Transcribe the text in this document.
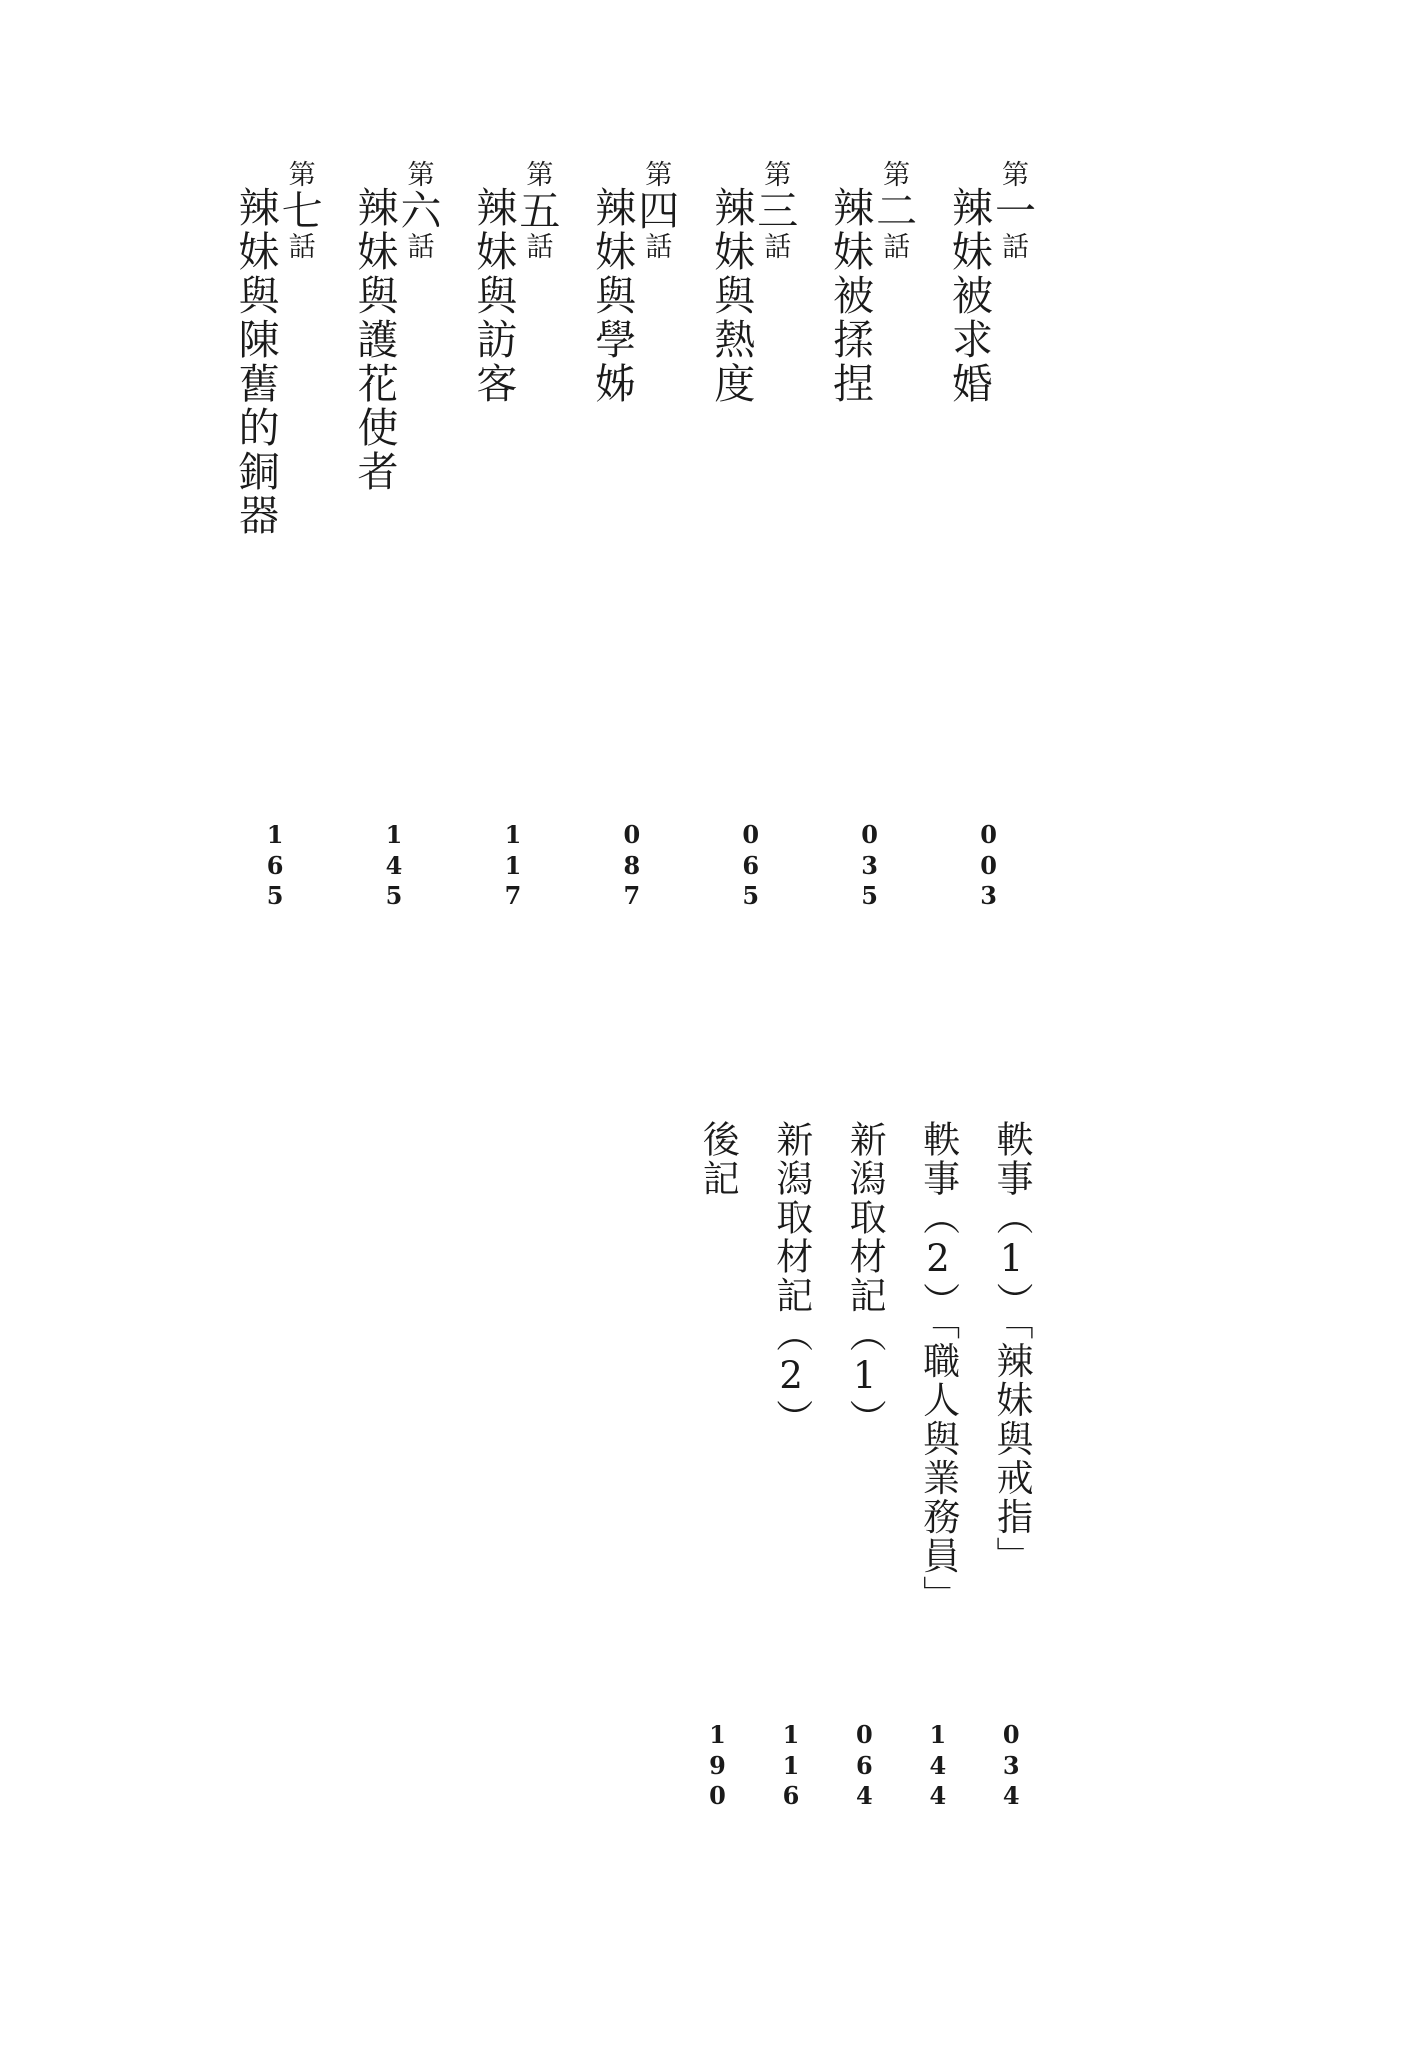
第一話
辣妹被求婚
0
0
3
第二話
辣妹被揉捏
0
3
5
第三話
辣妹與熱度
0
6
5
第四話
辣妹與學姊
0
8
7
第五話
辣妹與訪客
1
1
7
第六話
辣妹與護花使者
1
4
5
第七話
辣妹與陳舊的銅器
1
6
5
軼事（1）「辣妹與戒指」
0
3
4
軼事（2）「職人與業務員」
1
4
4
新潟取材記（1）
0
6
4
新潟取材記（2）
1
1
6
後記
1
9
0
